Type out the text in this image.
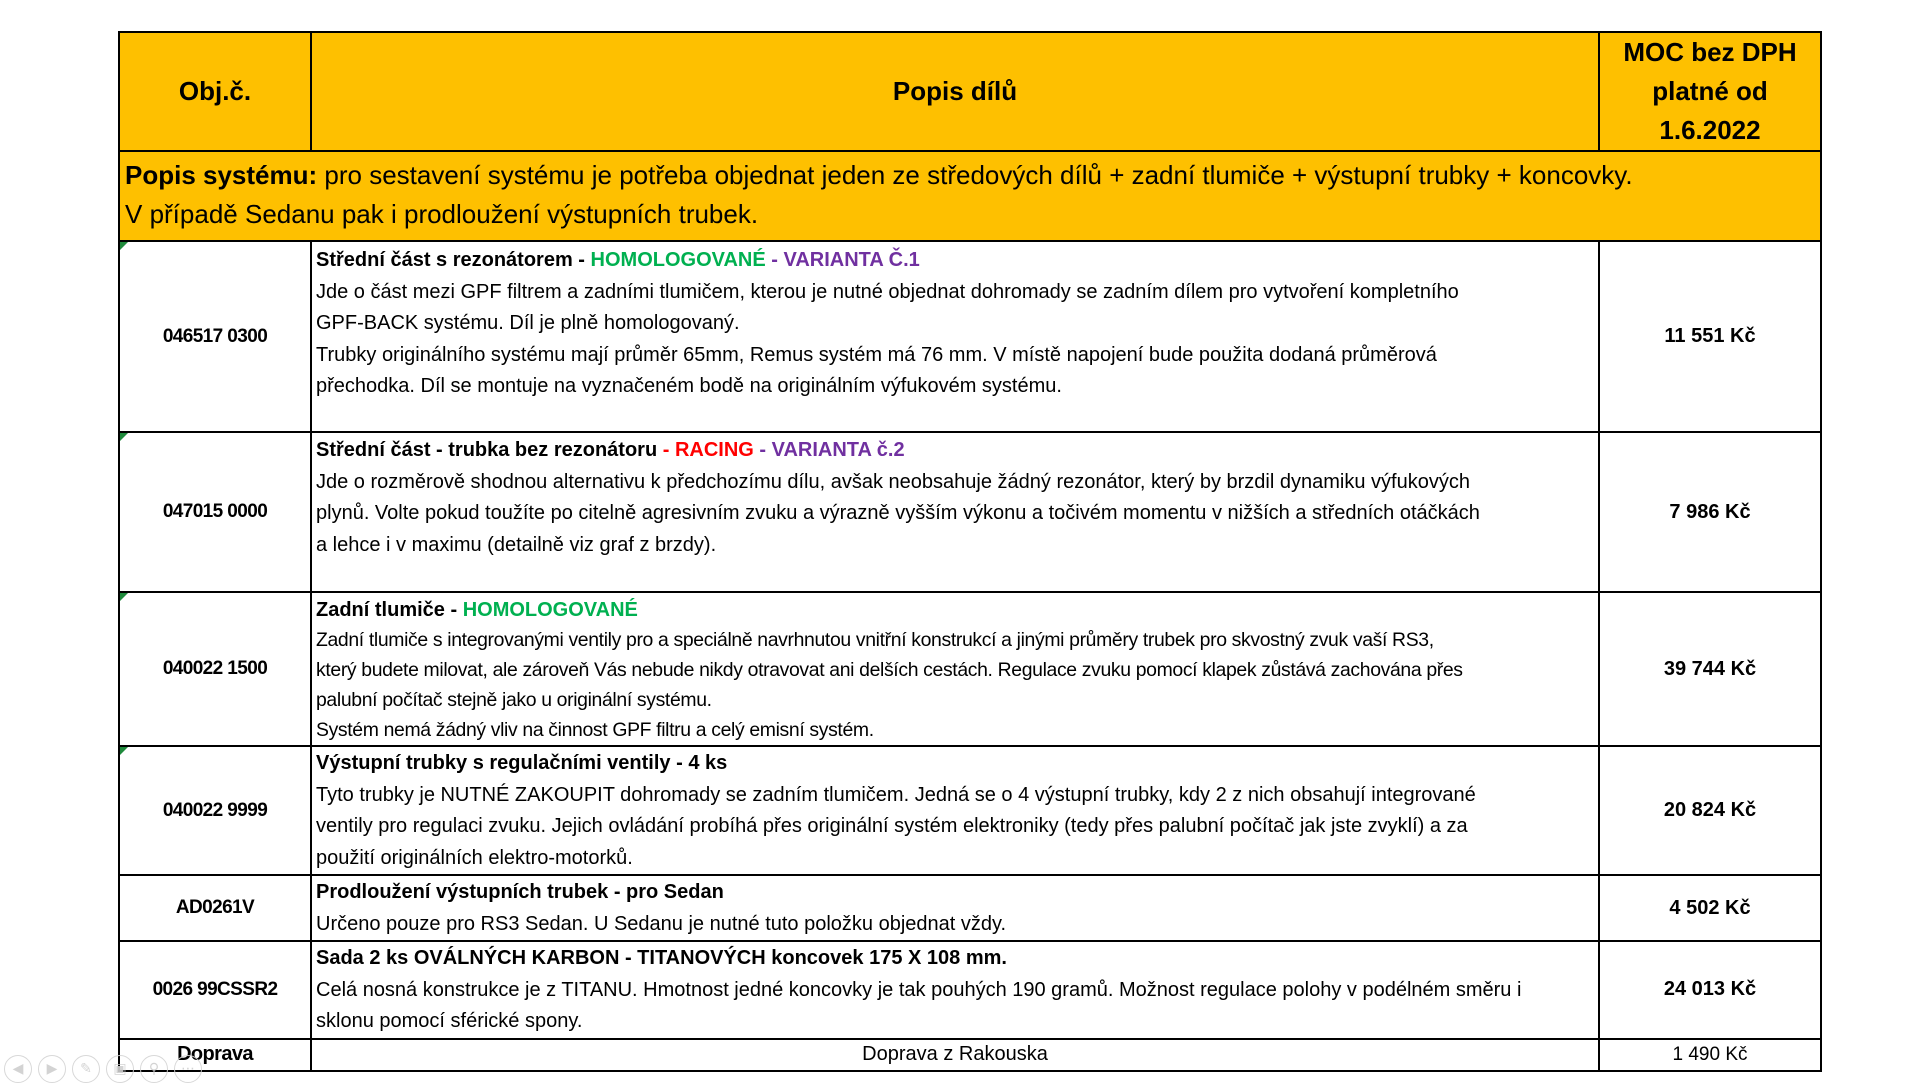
Obj.č.	Popis dílů	MOC bez DPH
platné od
1.6.2022

Popis systému: pro sestavení systému je potřeba objednat jeden ze středových dílů + zadní tlumiče + výstupní trubky + koncovky.
V případě Sedanu pak i prodloužení výstupních trubek.		

046517 0300	Střední část s rezonátorem - HOMOLOGOVANÉ - VARIANTA Č.1
Jde o část mezi GPF filtrem a zadními tlumičem, kterou je nutné objednat dohromady se zadním dílem pro vytvoření kompletního
GPF-BACK systému. Díl je plně homologovaný.
Trubky originálního systému mají průměr 65mm, Remus systém má 76 mm. V místě napojení bude použita dodaná průměrová
přechodka. Díl se montuje na vyznačeném bodě na originálním výfukovém systému.	11 551 Kč

047015 0000	Střední část - trubka bez rezonátoru - RACING - VARIANTA č.2
Jde o rozměrově shodnou alternativu k předchozímu dílu, avšak neobsahuje žádný rezonátor, který by brzdil dynamiku výfukových
plynů. Volte pokud toužíte po citelně agresivním zvuku a výrazně vyšším výkonu a točivém momentu v nižších a středních otáčkách
a lehce i v maximu (detailně viz graf z brzdy).	7 986 Kč

040022 1500	Zadní tlumiče - HOMOLOGOVANÉ
Zadní tlumiče s integrovanými ventily pro a speciálně navrhnutou vnitřní konstrukcí a jinými průměry trubek pro skvostný zvuk vaší RS3,
který budete milovat, ale zároveň Vás nebude nikdy otravovat ani delších cestách. Regulace zvuku pomocí klapek zůstává zachována přes
palubní počítač stejně jako u originální systému.
Systém nemá žádný vliv na činnost GPF filtru a celý emisní systém.	39 744 Kč

040022 9999	Výstupní trubky s regulačními ventily - 4 ks
Tyto trubky je NUTNÉ ZAKOUPIT dohromady se zadním tlumičem. Jedná se o 4 výstupní trubky, kdy 2 z nich obsahují integrované
ventily pro regulaci zvuku. Jejich ovládání probíhá přes originální systém elektroniky (tedy přes palubní počítač jak jste zvyklí) a za
použití originálních elektro-motorků.	20 824 Kč
AD0261V	Prodloužení výstupních trubek - pro Sedan
Určeno pouze pro RS3 Sedan. U Sedanu je nutné tuto položku objednat vždy.	4 502 Kč
0026 99CSSR2	Sada 2 ks OVÁLNÝCH KARBON - TITANOVÝCH koncovek 175 X 108 mm.
Celá nosná konstrukce je z TITANU. Hmotnost jedné koncovky je tak pouhých 190 gramů. Možnost regulace polohy v podélném směru i
sklonu pomocí sférické spony.	24 013 Kč
Doprava	Doprava z Rakouska	1 490 Kč
◀	▶	✎	▣	⚲	⋯
